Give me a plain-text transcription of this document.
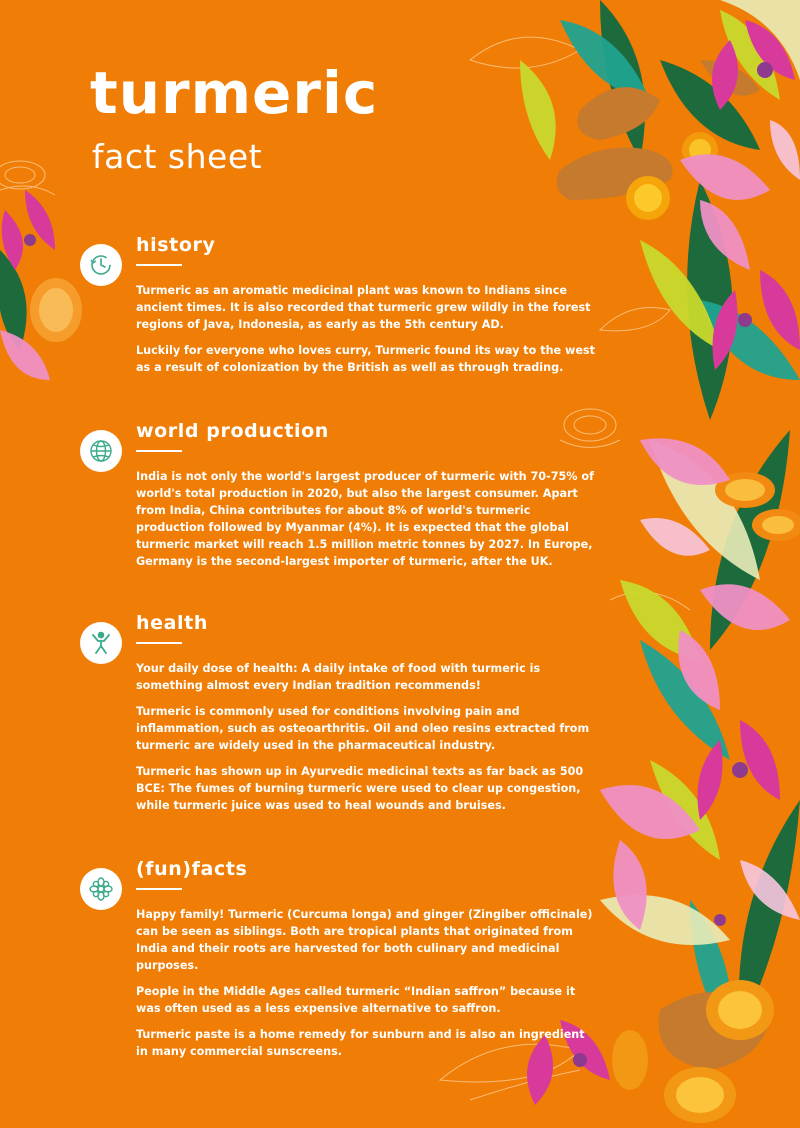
turmeric
fact sheet
history

Turmeric as an aromatic medicinal plant was known to Indians since ancient times. It is also recorded that turmeric grew wildly in the forest regions of Java, Indonesia, as early as the 5th century AD.

Luckily for everyone who loves curry, Turmeric found its way to the west as a result of colonization by the British as well as through trading.

world production

India is not only the world's largest producer of turmeric with 70-75% of world's total production in 2020, but also the largest consumer. Apart from India, China contributes for about 8% of world's turmeric production followed by Myanmar (4%). It is expected that the global turmeric market will reach 1.5 million metric tonnes by 2027. In Europe, Germany is the second-largest importer of turmeric, after the UK.

health

Your daily dose of health: A daily intake of food with turmeric is something almost every Indian tradition recommends!

Turmeric is commonly used for conditions involving pain and inflammation, such as osteoarthritis. Oil and oleo resins extracted from turmeric are widely used in the pharmaceutical industry.

Turmeric has shown up in Ayurvedic medicinal texts as far back as 500 BCE: The fumes of burning turmeric were used to clear up congestion, while turmeric juice was used to heal wounds and bruises.

(fun)facts

Happy family! Turmeric (Curcuma longa) and ginger (Zingiber officinale) can be seen as siblings. Both are tropical plants that originated from India and their roots are harvested for both culinary and medicinal purposes.

People in the Middle Ages called turmeric “Indian saffron” because it was often used as a less expensive alternative to saffron.

Turmeric paste is a home remedy for sunburn and is also an ingredient in many commercial sunscreens.
